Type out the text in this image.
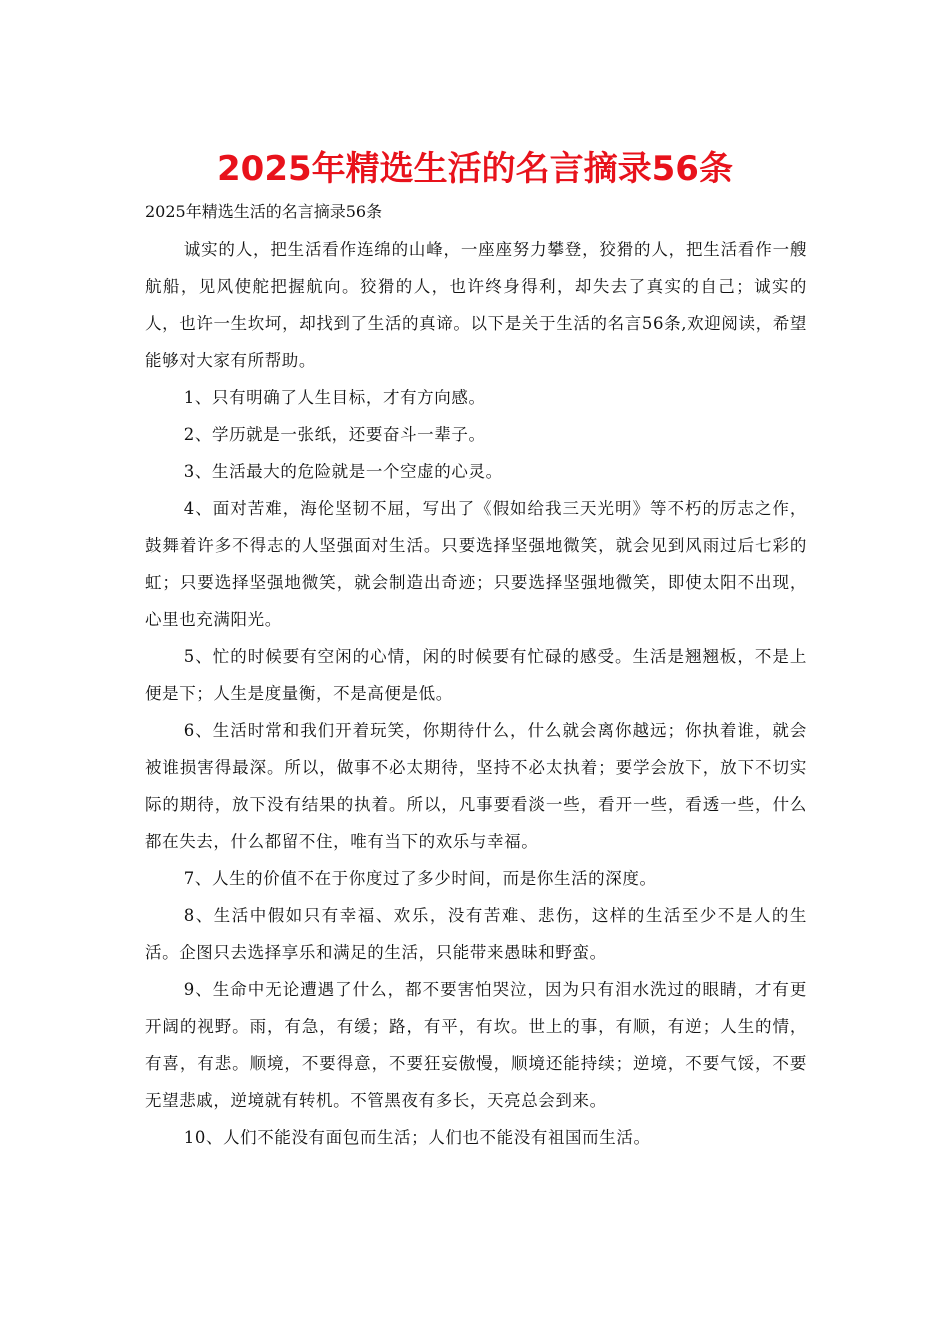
2025年精选生活的名言摘录56条
2025年精选生活的名言摘录56条

诚实的人，把生活看作连绵的山峰，一座座努力攀登，狡猾的人，把生活看作一艘航船，见风使舵把握航向。狡猾的人，也许终身得利，却失去了真实的自己；诚实的人，也许一生坎坷，却找到了生活的真谛。以下是关于生活的名言56条,欢迎阅读，希望能够对大家有所帮助。

1、只有明确了人生目标，才有方向感。

2、学历就是一张纸，还要奋斗一辈子。

3、生活最大的危险就是一个空虚的心灵。

4、面对苦难，海伦坚韧不屈，写出了《假如给我三天光明》等不朽的厉志之作，鼓舞着许多不得志的人坚强面对生活。只要选择坚强地微笑，就会见到风雨过后七彩的虹；只要选择坚强地微笑，就会制造出奇迹；只要选择坚强地微笑，即使太阳不出现，心里也充满阳光。

5、忙的时候要有空闲的心情，闲的时候要有忙碌的感受。生活是翘翘板，不是上便是下；人生是度量衡，不是高便是低。

6、生活时常和我们开着玩笑，你期待什么，什么就会离你越远；你执着谁，就会被谁损害得最深。所以，做事不必太期待，坚持不必太执着；要学会放下，放下不切实际的期待，放下没有结果的执着。所以，凡事要看淡一些，看开一些，看透一些，什么都在失去，什么都留不住，唯有当下的欢乐与幸福。

7、人生的价值不在于你度过了多少时间，而是你生活的深度。

8、生活中假如只有幸福、欢乐，没有苦难、悲伤，这样的生活至少不是人的生活。企图只去选择享乐和满足的生活，只能带来愚昧和野蛮。

9、生命中无论遭遇了什么，都不要害怕哭泣，因为只有泪水洗过的眼睛，才有更开阔的视野。雨，有急，有缓；路，有平，有坎。世上的事，有顺，有逆；人生的情，有喜，有悲。顺境，不要得意，不要狂妄傲慢，顺境还能持续；逆境，不要气馁，不要无望悲戚，逆境就有转机。不管黑夜有多长，天亮总会到来。

10、人们不能没有面包而生活；人们也不能没有祖国而生活。
